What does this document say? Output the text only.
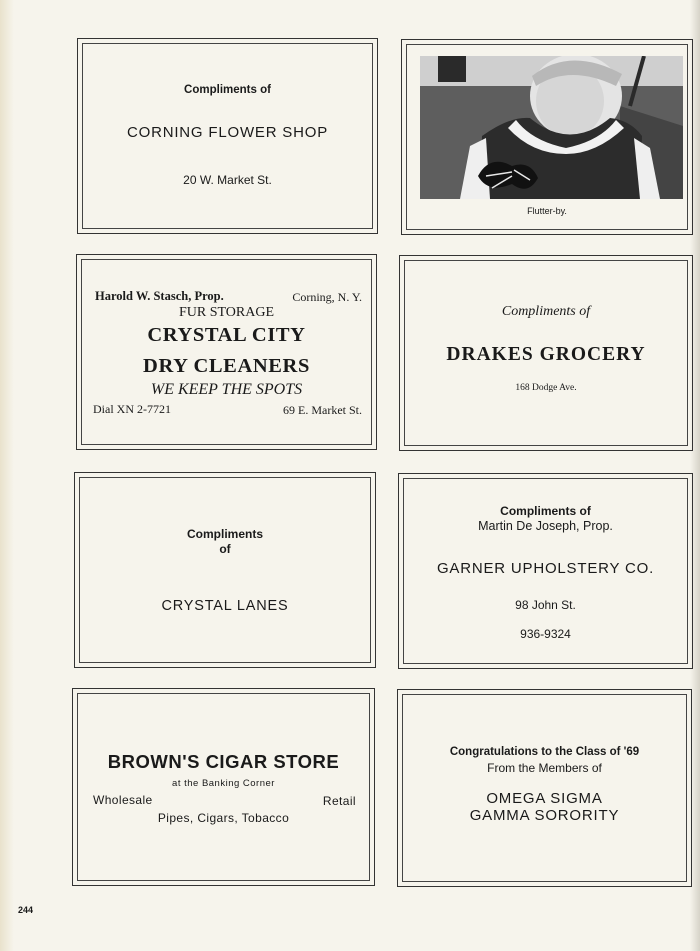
Compliments of
CORNING FLOWER SHOP
20 W. Market St.
Flutter-by.
Harold W. Stasch, Prop.	Corning, N. Y.
FUR STORAGE
CRYSTAL CITY
DRY CLEANERS
WE KEEP THE SPOTS
Dial XN 2-7721	69 E. Market St.
Compliments of
DRAKES GROCERY
168 Dodge Ave.
Compliments
of
CRYSTAL LANES
Compliments of
Martin De Joseph, Prop.
GARNER UPHOLSTERY CO.
98 John St.
936-9324
BROWN'S CIGAR STORE
at the Banking Corner
Wholesale	Retail
Pipes, Cigars, Tobacco
Congratulations to the Class of '69
From the Members of
OMEGA SIGMA
GAMMA SORORITY
244
